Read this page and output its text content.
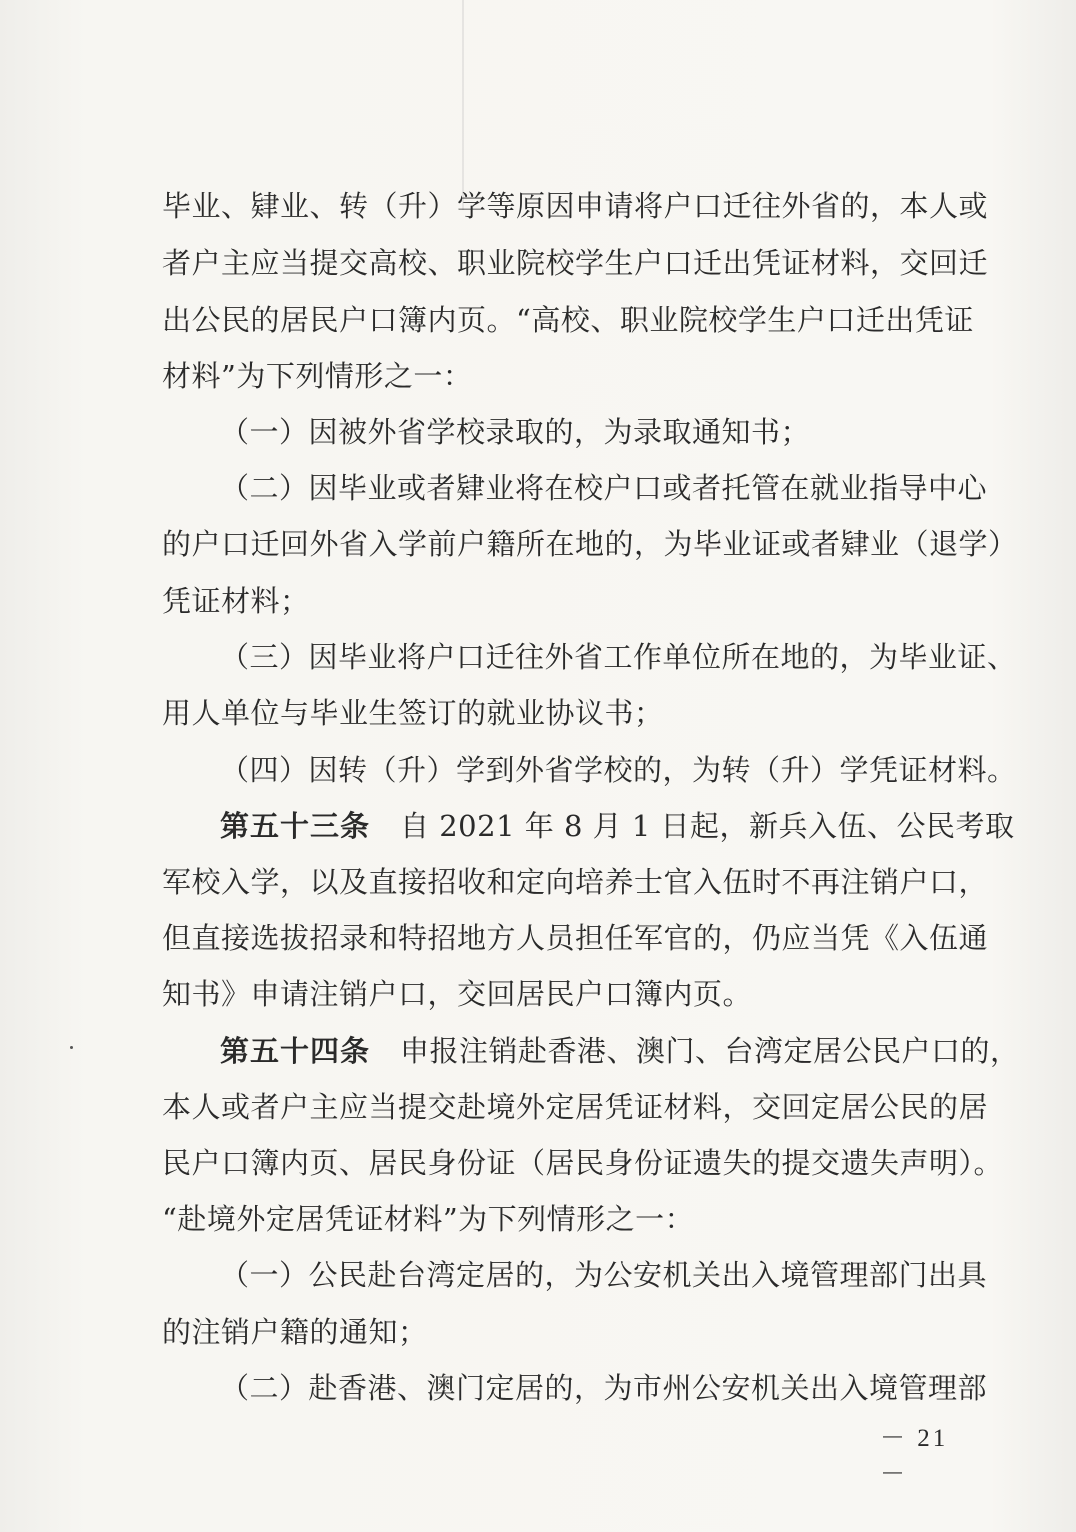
毕业、肄业、转（升）学等原因申请将户口迁往外省的，本人或
者户主应当提交高校、职业院校学生户口迁出凭证材料，交回迁
出公民的居民户口簿内页。“高校、职业院校学生户口迁出凭证
材料”为下列情形之一：
（一）因被外省学校录取的，为录取通知书；
（二）因毕业或者肄业将在校户口或者托管在就业指导中心
的户口迁回外省入学前户籍所在地的，为毕业证或者肄业（退学）
凭证材料；
（三）因毕业将户口迁往外省工作单位所在地的，为毕业证、
用人单位与毕业生签订的就业协议书；
（四）因转（升）学到外省学校的，为转（升）学凭证材料。
第五十三条 自 2021 年 8 月 1 日起，新兵入伍、公民考取
军校入学，以及直接招收和定向培养士官入伍时不再注销户口，
但直接选拔招录和特招地方人员担任军官的，仍应当凭《入伍通
知书》申请注销户口，交回居民户口簿内页。
第五十四条 申报注销赴香港、澳门、台湾定居公民户口的，
本人或者户主应当提交赴境外定居凭证材料，交回定居公民的居
民户口簿内页、居民身份证（居民身份证遗失的提交遗失声明）。
“赴境外定居凭证材料”为下列情形之一：
（一）公民赴台湾定居的，为公安机关出入境管理部门出具
的注销户籍的通知；
（二）赴香港、澳门定居的，为市州公安机关出入境管理部
－ 21 －
